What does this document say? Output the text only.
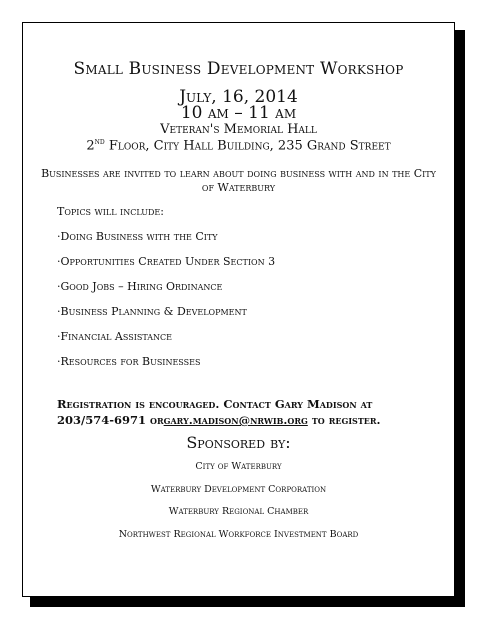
Small Business Development Workshop
July, 16, 2014
10 am – 11 am
Veteran's Memorial Hall
2nd Floor, City Hall Building, 235 Grand Street
Businesses are invited to learn about doing business with and in the City of Waterbury
Topics will include:
·Doing Business with the City
·Opportunities Created Under Section 3
·Good Jobs – Hiring Ordinance
·Business Planning & Development
·Financial Assistance
·Resources for Businesses
Registration is encouraged. Contact Gary Madison at
203/574-6971 orgary.madison@nrwib.org to register.
Sponsored by:
City of Waterbury
Waterbury Development Corporation
Waterbury Regional Chamber
Northwest Regional Workforce Investment Board
